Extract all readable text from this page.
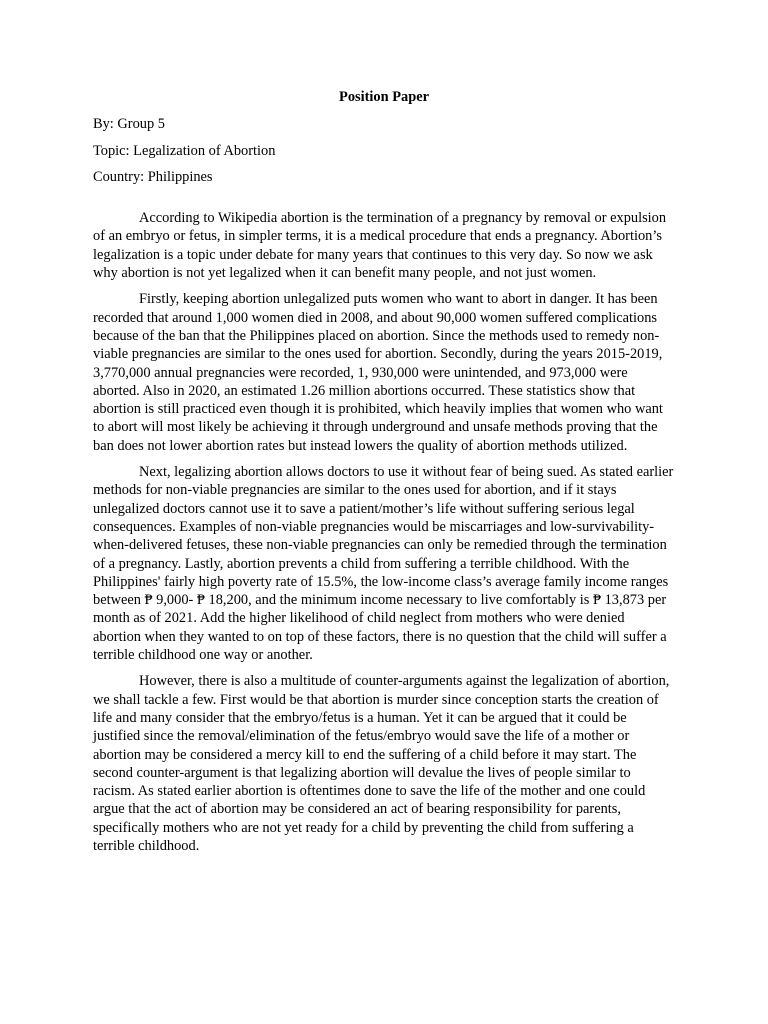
Position Paper

By: Group 5

Topic: Legalization of Abortion

Country: Philippines

According to Wikipedia abortion is the termination of a pregnancy by removal or expulsion of an embryo or fetus, in simpler terms, it is a medical procedure that ends a pregnancy. Abortion’s legalization is a topic under debate for many years that continues to this very day. So now we ask why abortion is not yet legalized when it can benefit many people, and not just women.

Firstly, keeping abortion unlegalized puts women who want to abort in danger. It has been recorded that around 1,000 women died in 2008, and about 90,000 women suffered complications because of the ban that the Philippines placed on abortion. Since the methods used to remedy non-viable pregnancies are similar to the ones used for abortion. Secondly, during the years 2015-2019, 3,770,000 annual pregnancies were recorded, 1, 930,000 were unintended, and 973,000 were aborted. Also in 2020, an estimated 1.26 million abortions occurred. These statistics show that abortion is still practiced even though it is prohibited, which heavily implies that women who want to abort will most likely be achieving it through underground and unsafe methods proving that the ban does not lower abortion rates but instead lowers the quality of abortion methods utilized.

Next, legalizing abortion allows doctors to use it without fear of being sued. As stated earlier methods for non-viable pregnancies are similar to the ones used for abortion, and if it stays unlegalized doctors cannot use it to save a patient/mother’s life without suffering serious legal consequences. Examples of non-viable pregnancies would be miscarriages and low-survivability-when-delivered fetuses, these non-viable pregnancies can only be remedied through the termination of a pregnancy. Lastly, abortion prevents a child from suffering a terrible childhood. With the Philippines' fairly high poverty rate of 15.5%, the low-income class’s average family income ranges between ₱ 9,000- ₱ 18,200, and the minimum income necessary to live comfortably is ₱ 13,873 per month as of 2021. Add the higher likelihood of child neglect from mothers who were denied abortion when they wanted to on top of these factors, there is no question that the child will suffer a terrible childhood one way or another.

However, there is also a multitude of counter-arguments against the legalization of abortion, we shall tackle a few. First would be that abortion is murder since conception starts the creation of life and many consider that the embryo/fetus is a human. Yet it can be argued that it could be justified since the removal/elimination of the fetus/embryo would save the life of a mother or abortion may be considered a mercy kill to end the suffering of a child before it may start. The second counter-argument is that legalizing abortion will devalue the lives of people similar to racism. As stated earlier abortion is oftentimes done to save the life of the mother and one could argue that the act of abortion may be considered an act of bearing responsibility for parents, specifically mothers who are not yet ready for a child by preventing the child from suffering a terrible childhood.
